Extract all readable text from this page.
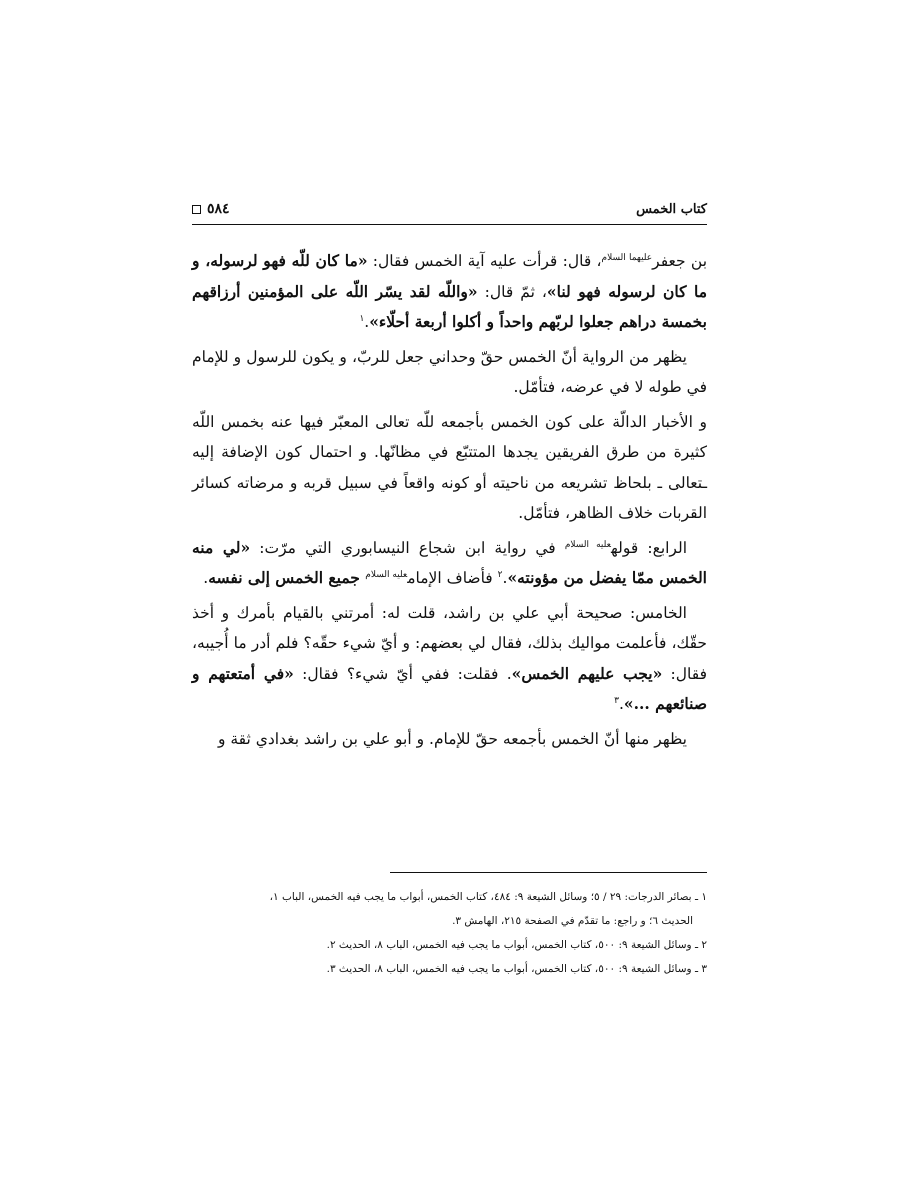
كتاب الخمس
٥٨٤

بن جعفر$^{عليهما السلام}$، قال: قرأت عليه آية الخمس فقال: «ما كان للّه فهو لرسوله، و ما كان لرسوله فهو لنا»، ثمّ قال: «واللّه لقد يسّر اللّه على المؤمنين أرزاقهم بخمسة دراهم جعلوا لربّهم واحداً و أكلوا أربعة أحلّاء».$^١$

يظهر من الرواية أنّ الخمس حقّ وحداني جعل للربّ، و يكون للرسول و للإمام في طوله لا في عرضه، فتأمّل.

و الأخبار الدالّة على كون الخمس بأجمعه للّه تعالى المعبّر فيها عنه بخمس اللّه كثيرة من طرق الفريقين يجدها المتتبّع في مظانّها. و احتمال كون الإضافة إليه ـتعالى ـ بلحاظ تشريعه من ناحيته أو كونه واقعاً في سبيل قربه و مرضاته كسائر القربات خلاف الظاهر، فتأمّل.

الرابع: قوله$^{عليه السلام}$ في رواية ابن شجاع النيسابوري التي مرّت: «لي منه الخمس ممّا يفضل من مؤونته».$^٢$ فأضاف الإمام$^{عليه السلام}$ جميع الخمس إلى نفسه.

الخامس: صحيحة أبي علي بن راشد، قلت له: أمرتني بالقيام بأمرك و أخذ حقّك، فأعلمت مواليك بذلك، فقال لي بعضهم: و أيّ شيء حقّه؟ فلم أدر ما أُجيبه، فقال: «يجب عليهم الخمس». فقلت: ففي أيّ شيء؟ فقال: «في أمتعتهم و صنائعهم ...».$^٣$

يظهر منها أنّ الخمس بأجمعه حقّ للإمام. و أبو علي بن راشد بغدادي ثقة و

١ ـ بصائر الدرجات: ٢٩ / ٥؛ وسائل الشيعة ٩: ٤٨٤، كتاب الخمس، أبواب ما يجب فيه الخمس، الباب ١،

الحديث ٦؛ و راجع: ما تقدّم في الصفحة ٢١٥، الهامش ٣.

٢ ـ وسائل الشيعة ٩: ٥٠٠، كتاب الخمس، أبواب ما يجب فيه الخمس، الباب ٨، الحديث ٢.

٣ ـ وسائل الشيعة ٩: ٥٠٠، كتاب الخمس، أبواب ما يجب فيه الخمس، الباب ٨، الحديث ٣.
